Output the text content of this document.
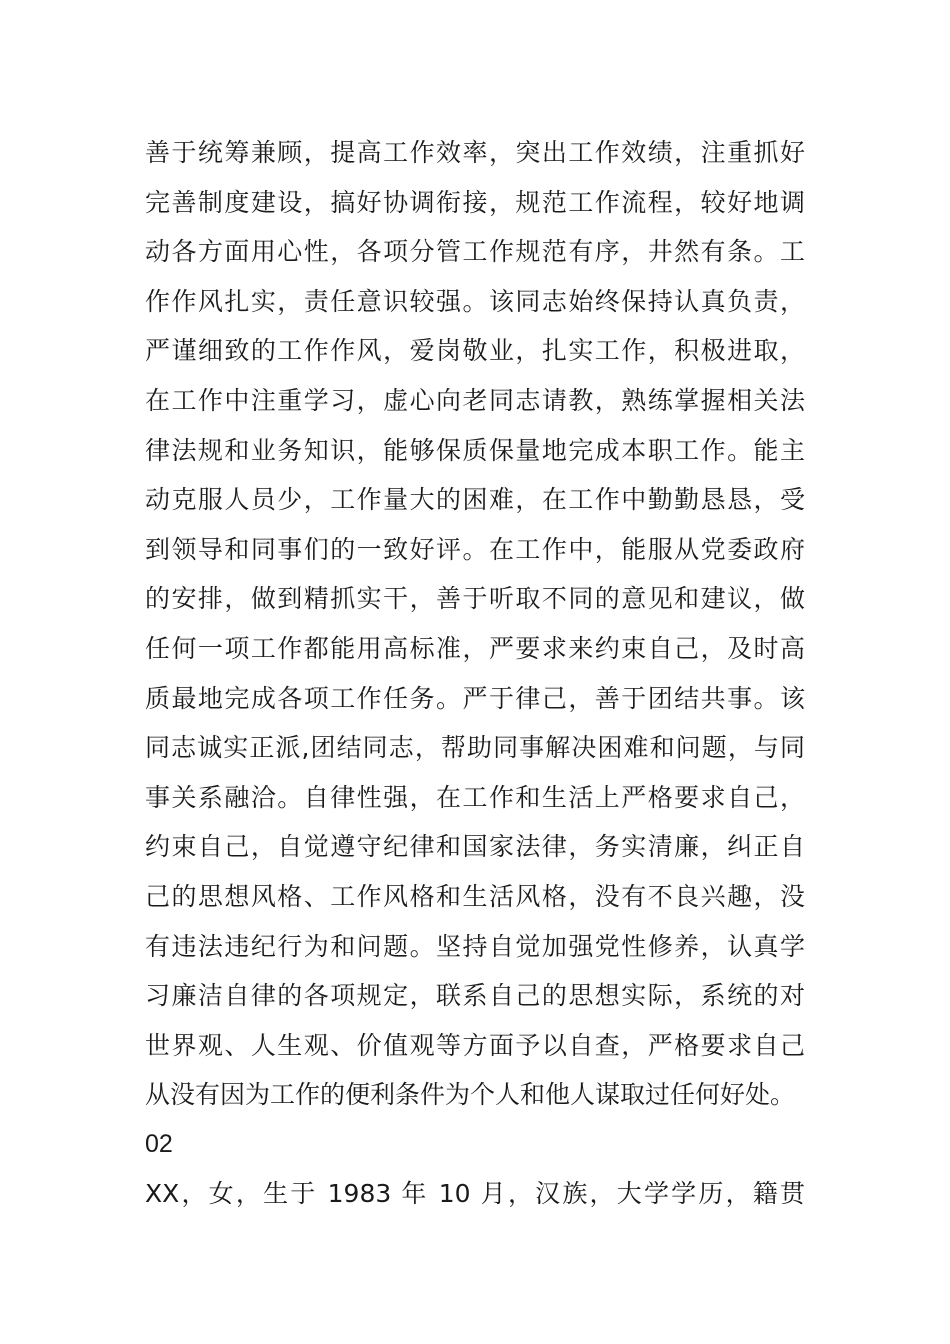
善于统筹兼顾，提高工作效率，突出工作效绩，注重抓好
完善制度建设，搞好协调衔接，规范工作流程，较好地调
动各方面用心性，各项分管工作规范有序，井然有条。工
作作风扎实，责任意识较强。该同志始终保持认真负责，
严谨细致的工作作风，爱岗敬业，扎实工作，积极进取，
在工作中注重学习，虚心向老同志请教，熟练掌握相关法
律法规和业务知识，能够保质保量地完成本职工作。能主
动克服人员少，工作量大的困难，在工作中勤勤恳恳，受
到领导和同事们的一致好评。在工作中，能服从党委政府
的安排，做到精抓实干，善于听取不同的意见和建议，做
任何一项工作都能用高标准，严要求来约束自己，及时高
质最地完成各项工作任务。严于律己，善于团结共事。该
同志诚实正派,团结同志，帮助同事解决困难和问题，与同
事关系融洽。自律性强，在工作和生活上严格要求自己，
约束自己，自觉遵守纪律和国家法律，务实清廉，纠正自
己的思想风格、工作风格和生活风格，没有不良兴趣，没
有违法违纪行为和问题。坚持自觉加强党性修养，认真学
习廉洁自律的各项规定，联系自己的思想实际，系统的对
世界观、人生观、价值观等方面予以自查，严格要求自己
从没有因为工作的便利条件为个人和他人谋取过任何好处。
02
XX，女，生于 1983 年 10 月，汉族，大学学历，籍贯
